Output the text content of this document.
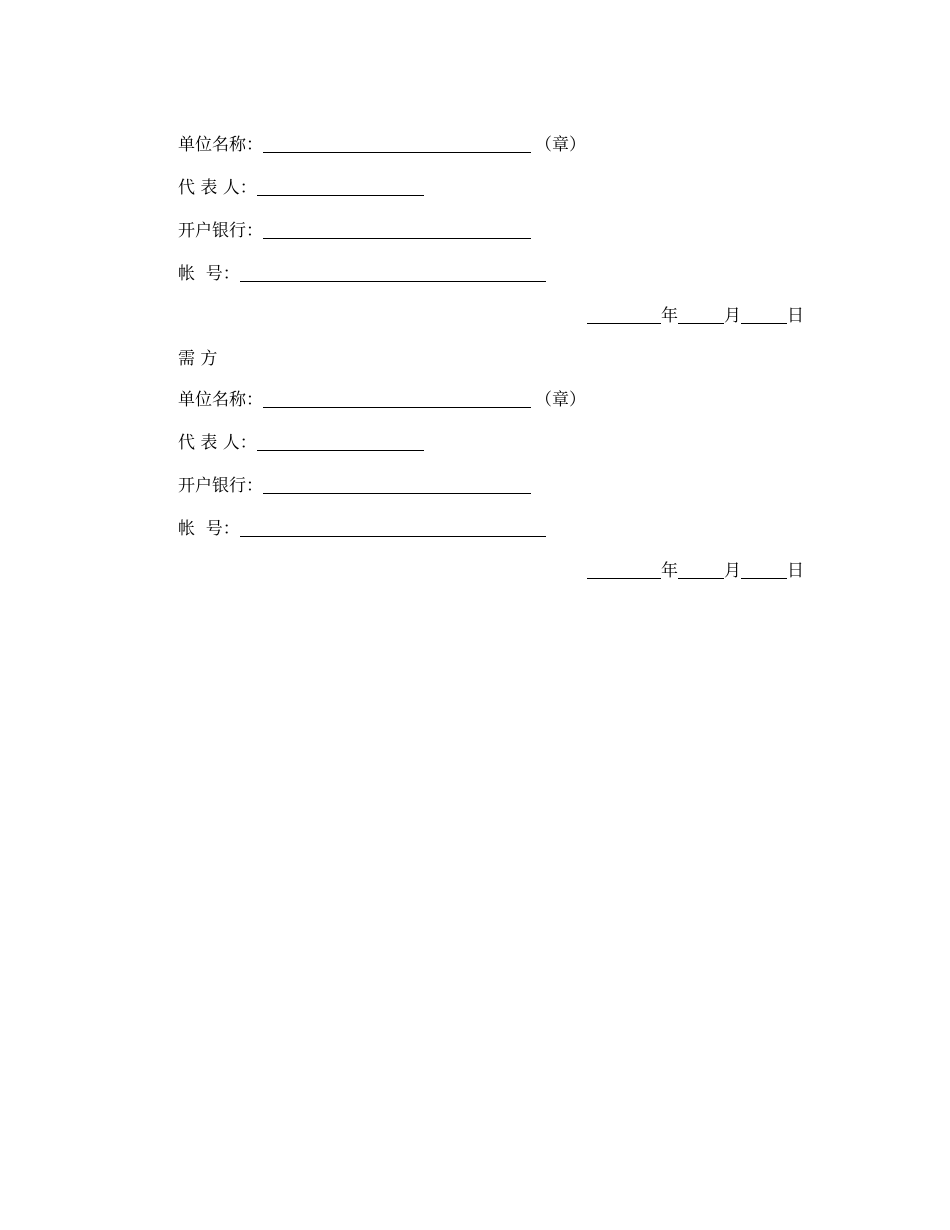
单位名称：	（章）
代 表 人：
开户银行：
帐  号：
年	月	日
需 方
单位名称：	（章）
代 表 人：
开户银行：
帐  号：
年	月	日
